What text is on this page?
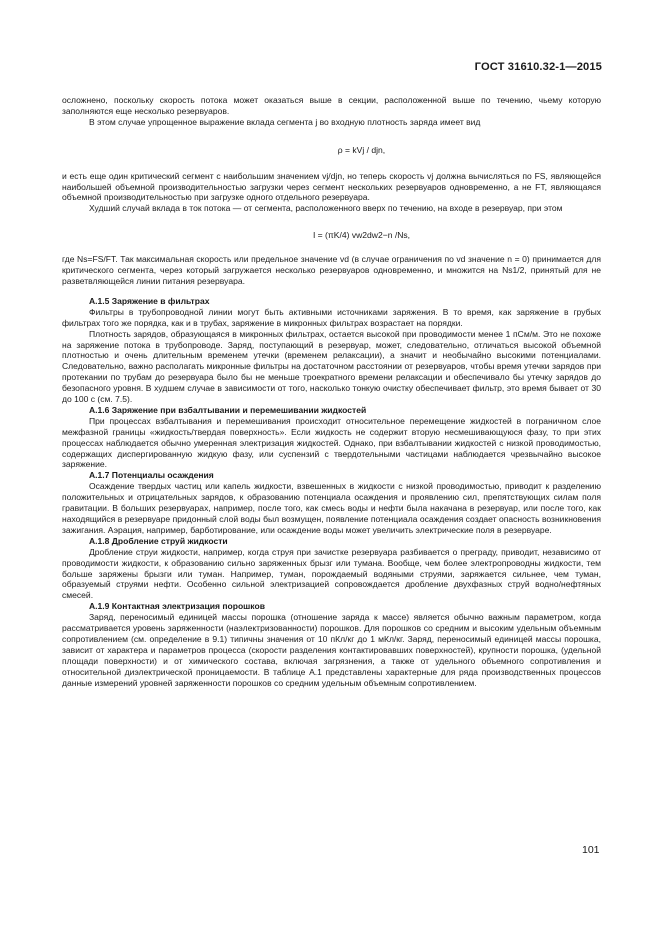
ГОСТ 31610.32-1—2015

осложнено, поскольку скорость потока может оказаться выше в секции, расположенной выше по течению, чьему которую заполняются еще несколько резервуаров.

В этом случае упрощенное выражение вклада сегмента j во входную плотность заряда имеет вид

ρ = kVj / djn,

и есть еще один критический сегмент с наибольшим значением vj/djn, но теперь скорость vj должна вычисляться по FS, являющейся наибольшей объемной производительностью загрузки через сегмент нескольких резервуаров одновременно, а не FT, являющаяся объемной производительностью при загрузке одного отдельного резервуара.

Худший случай вклада в ток потока — от сегмента, расположенного вверх по течению, на входе в резервуар, при этом

I = (πK/4) vw2dw2−n /Ns,

где Ns=FS/FT. Так максимальная скорость или предельное значение vd (в случае ограничения по vd значение n = 0) принимается для критического сегмента, через который загружается несколько резервуаров одновременно, и множится на Ns1/2, принятый для не разветвляющейся линии питания резервуара.

A.1.5 Заряжение в фильтрах

Фильтры в трубопроводной линии могут быть активными источниками заряжения. В то время, как заряжение в грубых фильтрах того же порядка, как и в трубах, заряжение в микронных фильтрах возрастает на порядки.

Плотность зарядов, образующаяся в микронных фильтрах, остается высокой при проводимости менее 1 пСм/м. Это не похоже на заряжение потока в трубопроводе. Заряд, поступающий в резервуар, может, следовательно, отличаться высокой объемной плотностью и очень длительным временем утечки (временем релаксации), а значит и необычайно высокими потенциалами. Следовательно, важно располагать микронные фильтры на достаточном расстоянии от резервуаров, чтобы время утечки зарядов при протекании по трубам до резервуара было бы не меньше троекратного времени релаксации и обеспечивало бы утечку зарядов до безопасного уровня. В худшем случае в зависимости от того, насколько тонкую очистку обеспечивает фильтр, это время бывает от 30 до 100 с (см. 7.5).

A.1.6 Заряжение при взбалтывании и перемешивании жидкостей

При процессах взбалтывания и перемешивания происходит относительное перемещение жидкостей в пограничном слое межфазной границы «жидкость/твердая поверхность». Если жидкость не содержит вторую несмешивающуюся фазу, то при этих процессах наблюдается обычно умеренная электризация жидкостей. Однако, при взбалтывании жидкостей с низкой проводимостью, содержащих диспергированную жидкую фазу, или суспензий с твердотельными частицами наблюдается чрезвычайно высокое заряжение.

A.1.7 Потенциалы осаждения

Осаждение твердых частиц или капель жидкости, взвешенных в жидкости с низкой проводимостью, приводит к разделению положительных и отрицательных зарядов, к образованию потенциала осаждения и проявлению сил, препятствующих силам поля гравитации. В больших резервуарах, например, после того, как смесь воды и нефти была накачана в резервуар, или после того, как находящийся в резервуаре придонный слой воды был возмущен, появление потенциала осаждения создает опасность возникновения зажигания. Аэрация, например, барботирование, или осаждение воды может увеличить электрические поля в резервуаре.

A.1.8 Дробление струй жидкости

Дробление струи жидкости, например, когда струя при зачистке резервуара разбивается о преграду, приводит, независимо от проводимости жидкости, к образованию сильно заряженных брызг или тумана. Вообще, чем более электропроводны жидкости, тем больше заряжены брызги или туман. Например, туман, порождаемый водяными струями, заряжается сильнее, чем туман, образуемый струями нефти. Особенно сильной электризацией сопровождается дробление двухфазных струй водно/нефтяных смесей.

A.1.9 Контактная электризация порошков

Заряд, переносимый единицей массы порошка (отношение заряда к массе) является обычно важным параметром, когда рассматривается уровень заряженности (наэлектризованности) порошков. Для порошков со средним и высоким удельным объемным сопротивлением (см. определение в 9.1) типичны значения от 10 пКл/кг до 1 мКл/кг. Заряд, переносимый единицей массы порошка, зависит от характера и параметров процесса (скорости разделения контактировавших поверхностей), крупности порошка, (удельной площади поверхности) и от химического состава, включая загрязнения, а также от удельного объемного сопротивления и относительной диэлектрической проницаемости. В таблице А.1 представлены характерные для ряда производственных процессов данные измерений уровней заряженности порошков со средним удельным объемным сопротивлением.

101
